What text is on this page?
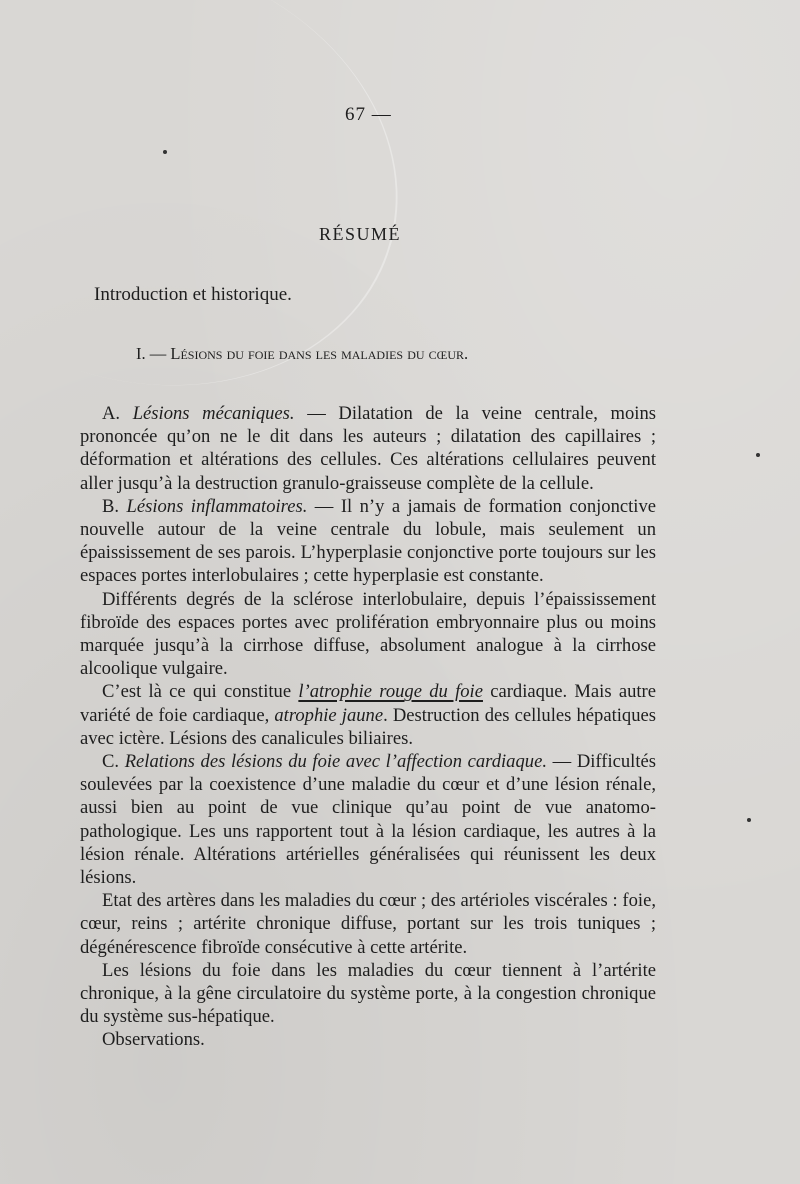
67 —
RÉSUMÉ
Introduction et historique.
I. — Lésions du foie dans les maladies du cœur.

A. Lésions mécaniques. — Dilatation de la veine centrale, moins prononcée qu’on ne le dit dans les auteurs ; dilatation des capillaires ; déformation et altérations des cellules. Ces altérations cellulaires peuvent aller jusqu’à la destruction granulo-graisseuse complète de la cellule.

B. Lésions inflammatoires. — Il n’y a jamais de formation conjonctive nouvelle autour de la veine centrale du lobule, mais seulement un épaississement de ses parois. L’hyperplasie conjonctive porte toujours sur les espaces portes interlobulaires ; cette hyperplasie est constante.

Différents degrés de la sclérose interlobulaire, depuis l’épaississement fibroïde des espaces portes avec prolifération embryonnaire plus ou moins marquée jusqu’à la cirrhose diffuse, absolument analogue à la cirrhose alcoolique vulgaire.

C’est là ce qui constitue l’atrophie rouge du foie cardiaque. Mais autre variété de foie cardiaque, atrophie jaune. Destruction des cellules hépatiques avec ictère. Lésions des canalicules biliaires.

C. Relations des lésions du foie avec l’affection cardiaque. — Difficultés soulevées par la coexistence d’une maladie du cœur et d’une lésion rénale, aussi bien au point de vue clinique qu’au point de vue anatomo-pathologique. Les uns rapportent tout à la lésion cardiaque, les autres à la lésion rénale. Altérations artérielles généralisées qui réunissent les deux lésions.

Etat des artères dans les maladies du cœur ; des artérioles viscérales : foie, cœur, reins ; artérite chronique diffuse, portant sur les trois tuniques ; dégénérescence fibroïde consécutive à cette artérite.

Les lésions du foie dans les maladies du cœur tiennent à l’artérite chronique, à la gêne circulatoire du système porte, à la congestion chronique du système sus-hépatique.

Observations.
